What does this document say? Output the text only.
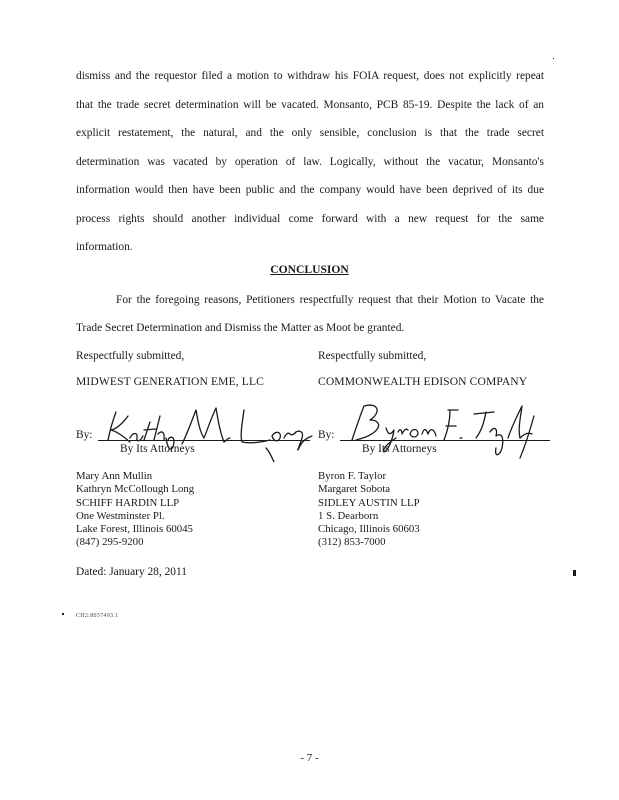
dismiss and the requestor filed a motion to withdraw his FOIA request, does not explicitly repeat
that the trade secret determination will be vacated. Monsanto, PCB 85-19. Despite the lack of an
explicit restatement, the natural, and the only sensible, conclusion is that the trade secret
determination was vacated by operation of law. Logically, without the vacatur, Monsanto's
information would then have been public and the company would have been deprived of its due
process rights should another individual come forward with a new request for the same
information.
CONCLUSION
For the foregoing reasons, Petitioners respectfully request that their Motion to Vacate the
Trade Secret Determination and Dismiss the Matter as Moot be granted.
Respectfully submitted,
MIDWEST GENERATION EME, LLC
By:
By Its Attorneys
Mary Ann Mullin
Kathryn McCollough Long
SCHIFF HARDIN LLP
One Westminster Pl.
Lake Forest, Illinois 60045
(847) 295-9200
Respectfully submitted,
COMMONWEALTH EDISON COMPANY
By:
By Its Attorneys
Byron F. Taylor
Margaret Sobota
SIDLEY AUSTIN LLP
1 S. Dearborn
Chicago, Illinois 60603
(312) 853-7000
Dated: January 28, 2011
CH2:8037493.1
- 7 -
